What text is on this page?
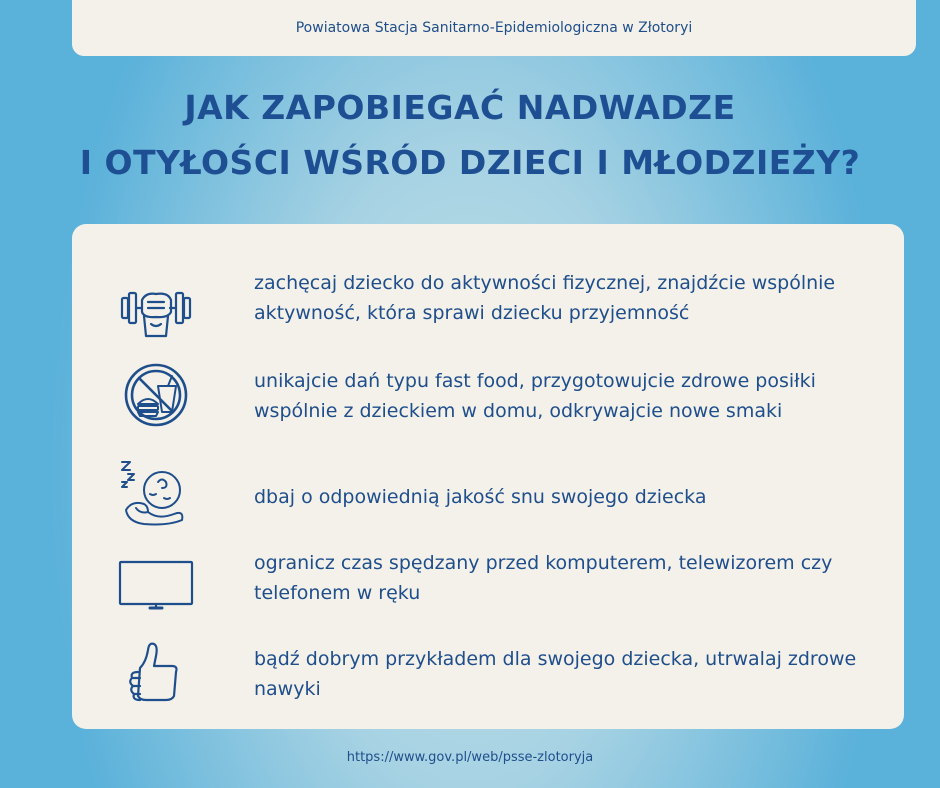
Powiatowa Stacja Sanitarno-Epidemiologiczna w Złotoryi
JAK ZAPOBIEGAĆ NADWADZE
I OTYŁOŚCI WŚRÓD DZIECI I MŁODZIEŻY?
zachęcaj dziecko do aktywności fizycznej, znajdźcie wspólnie aktywność, która sprawi dziecku przyjemność
unikajcie dań typu fast food, przygotowujcie zdrowe posiłki wspólnie z dzieckiem w domu, odkrywajcie nowe smaki
dbaj o odpowiednią jakość snu swojego dziecka
ogranicz czas spędzany przed komputerem, telewizorem czy telefonem w ręku
bądź dobrym przykładem dla swojego dziecka, utrwalaj zdrowe nawyki
https://www.gov.pl/web/psse-zlotoryja
